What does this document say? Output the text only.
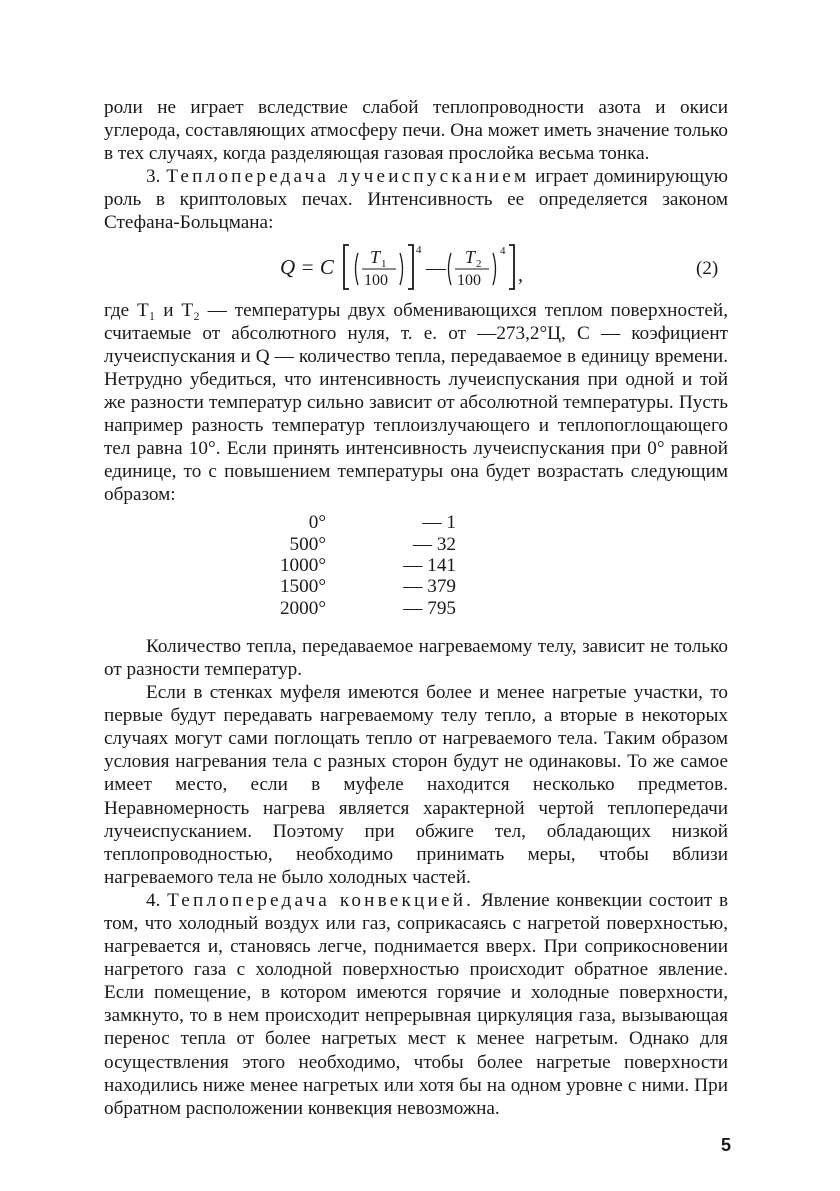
роли не играет вследствие слабой теплопроводности азота и окиси углерода, составляющих атмосферу печи. Она может иметь значение только в тех случаях, когда разделяющая газовая прослойка весьма тонка.

3. Теплопередача лучеиспусканием играет доминирующую роль в криптоловых печах. Интенсивность ее определяется законом Стефана-Больцмана:

Q = C T 1
100
4
— T 2
100
4
,	(2)

где T₁ и T₂ — температуры двух обменивающихся теплом поверхностей, считаемые от абсолютного нуля, т. е. от —273,2°Ц, C — коэфициент лучеиспускания и Q — количество тепла, передаваемое в единицу времени. Нетрудно убедиться, что интенсивность лучеиспускания при одной и той же разности температур сильно зависит от абсолютной температуры. Пусть например разность температур теплоизлучающего и теплопоглощающего тел равна 10°. Если принять интенсивность лучеиспускания при 0° равной единице, то с повышением температуры она будет возрастать следующим образом:

0°	— 1
500°	— 32
1000°	— 141
1500°	— 379
2000°	— 795

Количество тепла, передаваемое нагреваемому телу, зависит не только от разности температур.

Если в стенках муфеля имеются более и менее нагретые участки, то первые будут передавать нагреваемому телу тепло, а вторые в некоторых случаях могут сами поглощать тепло от нагреваемого тела. Таким образом условия нагревания тела с разных сторон будут не одинаковы. То же самое имеет место, если в муфеле находится несколько предметов. Неравномерность нагрева является характерной чертой теплопередачи лучеиспусканием. Поэтому при обжиге тел, обладающих низкой теплопроводностью, необходимо принимать меры, чтобы вблизи нагреваемого тела не было холодных частей.

4. Теплопередача конвекцией. Явление конвекции состоит в том, что холодный воздух или газ, соприкасаясь с нагретой поверхностью, нагревается и, становясь легче, поднимается вверх. При соприкосновении нагретого газа с холодной поверхностью происходит обратное явление. Если помещение, в котором имеются горячие и холодные поверхности, замкнуто, то в нем происходит непрерывная циркуляция газа, вызывающая перенос тепла от более нагретых мест к менее нагретым. Однако для осуществления этого необходимо, чтобы более нагретые поверхности находились ниже менее нагретых или хотя бы на одном уровне с ними. При обратном расположении конвекция невозможна.

5
